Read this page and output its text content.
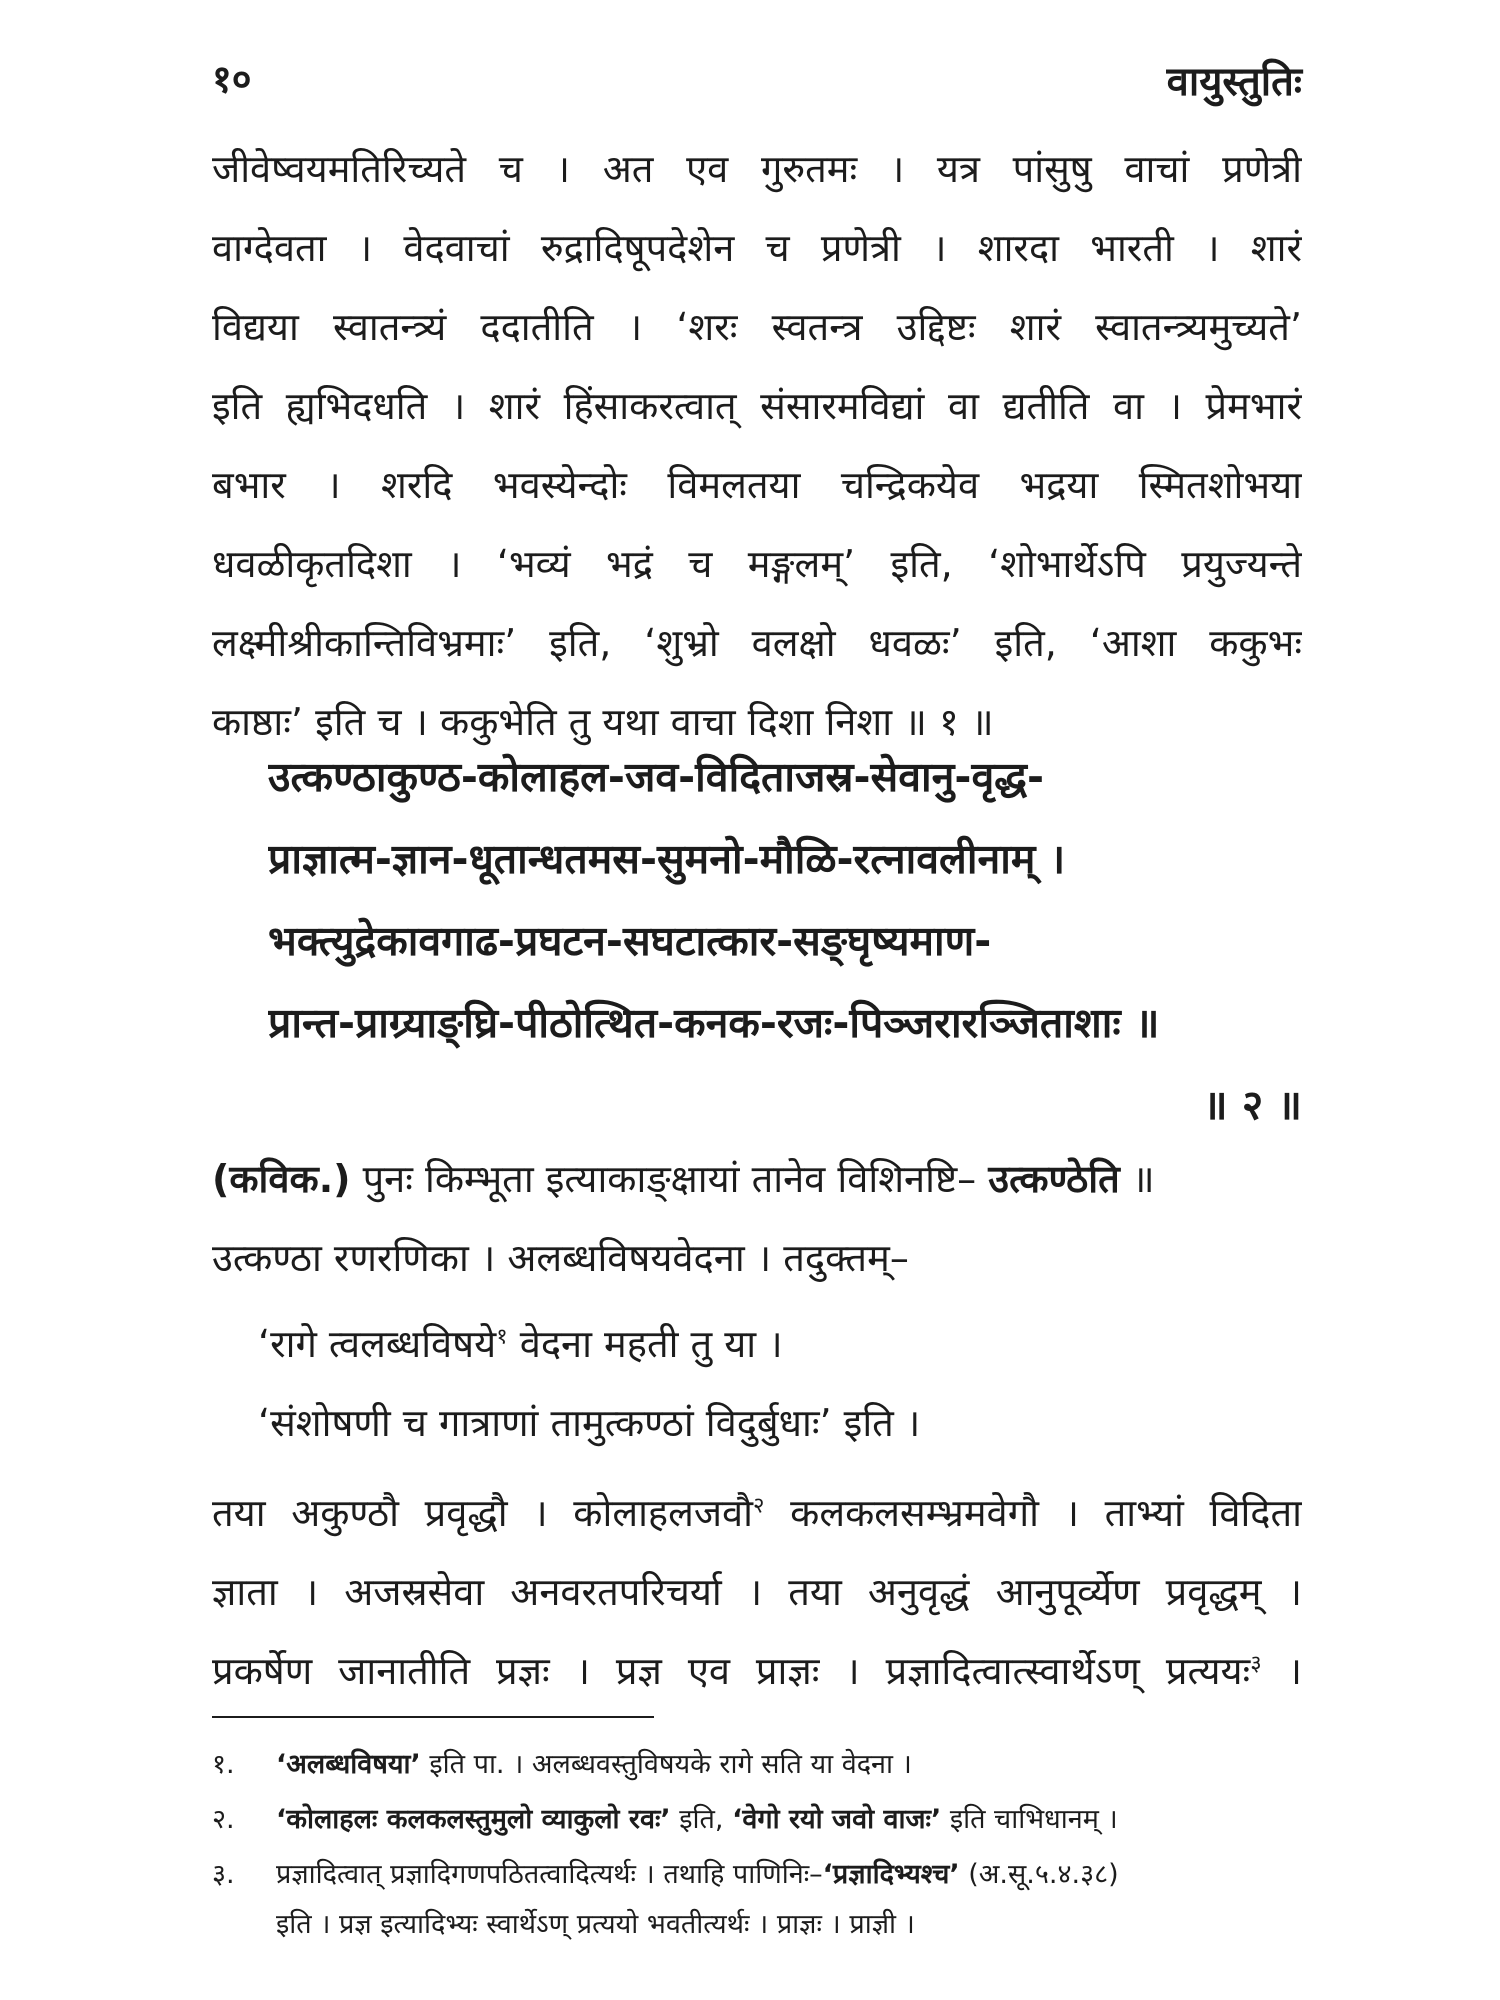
१०	वायुस्तुतिः
जीवेष्वयमतिरिच्यते च । अत एव गुरुतमः । यत्र पांसुषु वाचां प्रणेत्री
वाग्देवता । वेदवाचां रुद्रादिषूपदेशेन च प्रणेत्री । शारदा भारती । शारं
विद्यया स्वातन्त्र्यं ददातीति । ‘शरः स्वतन्त्र उद्दिष्टः शारं स्वातन्त्र्यमुच्यते’
इति ह्यभिदधति । शारं हिंसाकरत्वात् संसारमविद्यां वा द्यतीति वा । प्रेमभारं
बभार । शरदि भवस्येन्दोः विमलतया चन्द्रिकयेव भद्रया स्मितशोभया
धवळीकृतदिशा । ‘भव्यं भद्रं च मङ्गलम्’ इति, ‘शोभार्थेऽपि प्रयुज्यन्ते
लक्ष्मीश्रीकान्तिविभ्रमाः’ इति, ‘शुभ्रो वलक्षो धवळः’ इति, ‘आशा ककुभः
काष्ठाः’ इति च । ककुभेति तु यथा वाचा दिशा निशा ॥ १ ॥
उत्कण्ठाकुण्ठ-कोलाहल-जव-विदिताजस्र-सेवानु-वृद्ध-
प्राज्ञात्म-ज्ञान-धूतान्धतमस-सुमनो-मौळि-रत्नावलीनाम् ।
भक्त्युद्रेकावगाढ-प्रघटन-सघटात्कार-सङ्घृष्यमाण-
प्रान्त-प्राग्र्याङ्घ्रि-पीठोत्थित-कनक-रजः-पिञ्जरारञ्जिताशाः ॥
॥ २ ॥
(कविक.) पुनः किम्भूता इत्याकाङ्क्षायां तानेव विशिनष्टि– उत्कण्ठेति ॥
उत्कण्ठा रणरणिका । अलब्धविषयवेदना । तदुक्तम्–
‘रागे त्वलब्धविषये$^१$ वेदना महती तु या ।
‘संशोषणी च गात्राणां तामुत्कण्ठां विदुर्बुधाः’ इति ।
तया अकुण्ठौ प्रवृद्धौ । कोलाहलजवौ$^२$ कलकलसम्भ्रमवेगौ । ताभ्यां विदिता
ज्ञाता । अजस्रसेवा अनवरतपरिचर्या । तया अनुवृद्धं आनुपूर्व्येण प्रवृद्धम् ।
प्रकर्षेण जानातीति प्रज्ञः । प्रज्ञ एव प्राज्ञः । प्रज्ञादित्वात्स्वार्थेऽण् प्रत्ययः$^३$ ।
१. ‘अलब्धविषया’ इति पा. । अलब्धवस्तुविषयके रागे सति या वेदना ।
२. ‘कोलाहलः कलकलस्तुमुलो व्याकुलो रवः’ इति, ‘वेगो रयो जवो वाजः’ इति चाभिधानम् ।
३. प्रज्ञादित्वात् प्रज्ञादिगणपठितत्वादित्यर्थः । तथाहि पाणिनिः–‘प्रज्ञादिभ्यश्च’ (अ.सू.५.४.३८)
इति । प्रज्ञ इत्यादिभ्यः स्वार्थेऽण् प्रत्ययो भवतीत्यर्थः । प्राज्ञः । प्राज्ञी ।
